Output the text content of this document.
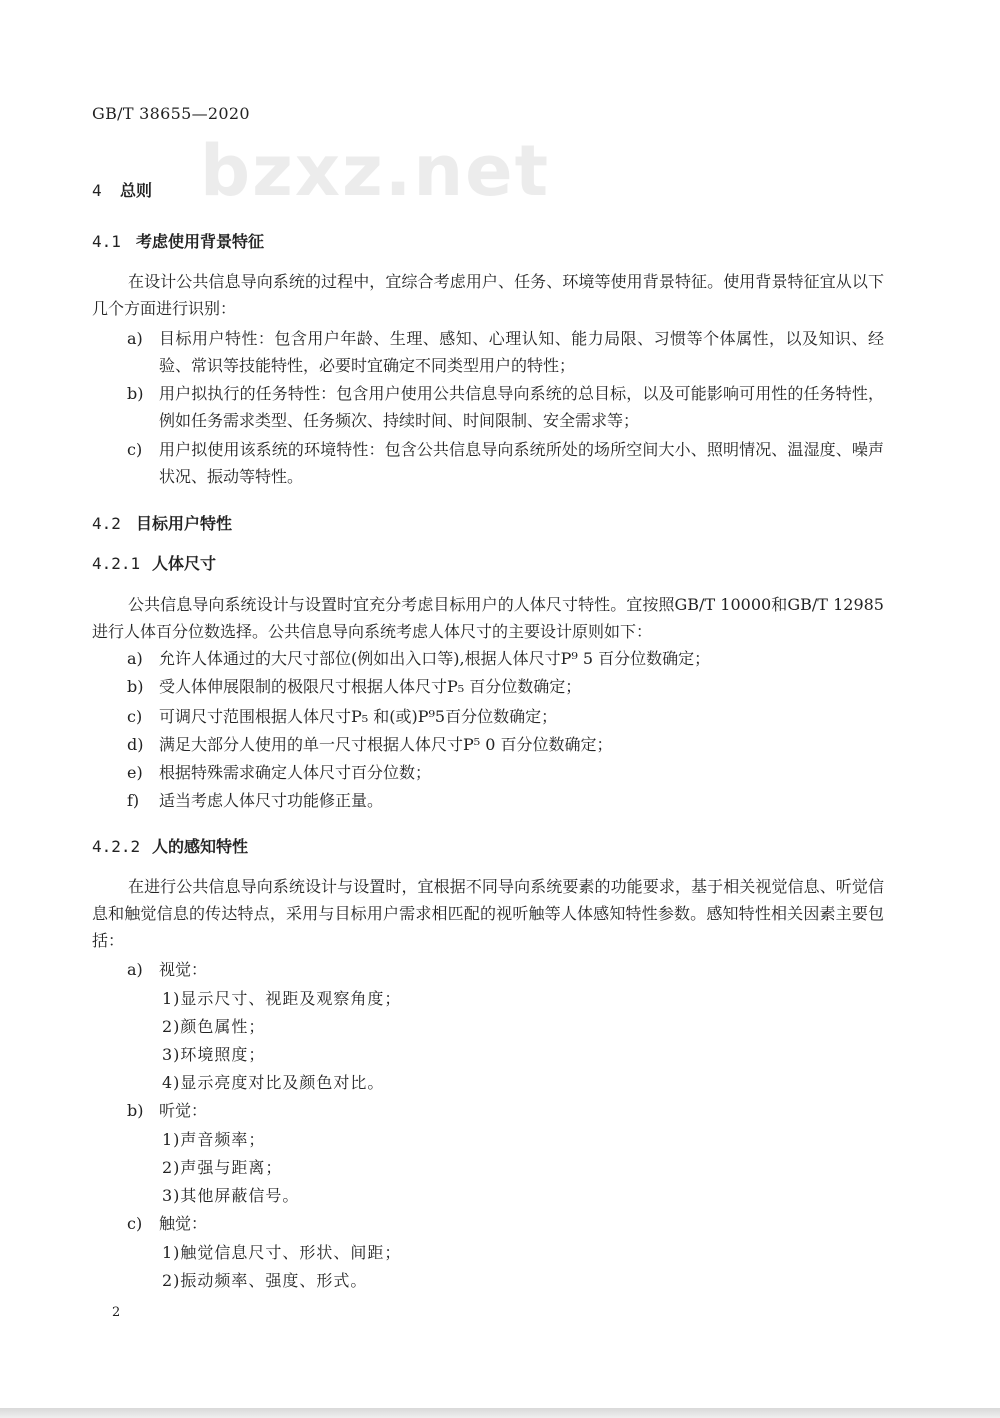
GB/T 38655—2020
bzxz.net
4 总则
4.1 考虑使用背景特征
在设计公共信息导向系统的过程中，宜综合考虑用户、任务、环境等使用背景特征。使用背景特征宜从以下几个方面进行识别：
a)	目标用户特性：包含用户年龄、生理、感知、心理认知、能力局限、习惯等个体属性，以及知识、经验、常识等技能特性，必要时宜确定不同类型用户的特性；
b) 用户拟执行的任务特性：包含用户使用公共信息导向系统的总目标，以及可能影响可用性的任务特性，例如任务需求类型、任务频次、持续时间、时间限制、安全需求等；
c)	用户拟使用该系统的环境特性：包含公共信息导向系统所处的场所空间大小、照明情况、温湿度、噪声状况、振动等特性。
4.2 目标用户特性
4.2.1 人体尺寸
公共信息导向系统设计与设置时宜充分考虑目标用户的人体尺寸特性。宜按照GB/T 10000和GB/T 12985进行人体百分位数选择。公共信息导向系统考虑人体尺寸的主要设计原则如下：
a)	允许人体通过的大尺寸部位(例如出入口等),根据人体尺寸P⁹ 5 百分位数确定；
b) 受人体伸展限制的极限尺寸根据人体尺寸P₅ 百分位数确定；
c)	可调尺寸范围根据人体尺寸P₅ 和(或)P⁹5百分位数确定；
d) 满足大部分人使用的单一尺寸根据人体尺寸P⁵ 0 百分位数确定；
e)	根据特殊需求确定人体尺寸百分位数；
f)	适当考虑人体尺寸功能修正量。
4.2.2 人的感知特性
在进行公共信息导向系统设计与设置时，宜根据不同导向系统要素的功能要求，基于相关视觉信息、听觉信息和触觉信息的传达特点，采用与目标用户需求相匹配的视听触等人体感知特性参数。感知特性相关因素主要包括：
a)	视觉：
1)显示尺寸、视距及观察角度；
2)颜色属性；
3)环境照度；
4)显示亮度对比及颜色对比。
b) 听觉：
1)声音频率；
2)声强与距离；
3)其他屏蔽信号。
c)	触觉：
1)触觉信息尺寸、形状、间距；
2)振动频率、强度、形式。
2
